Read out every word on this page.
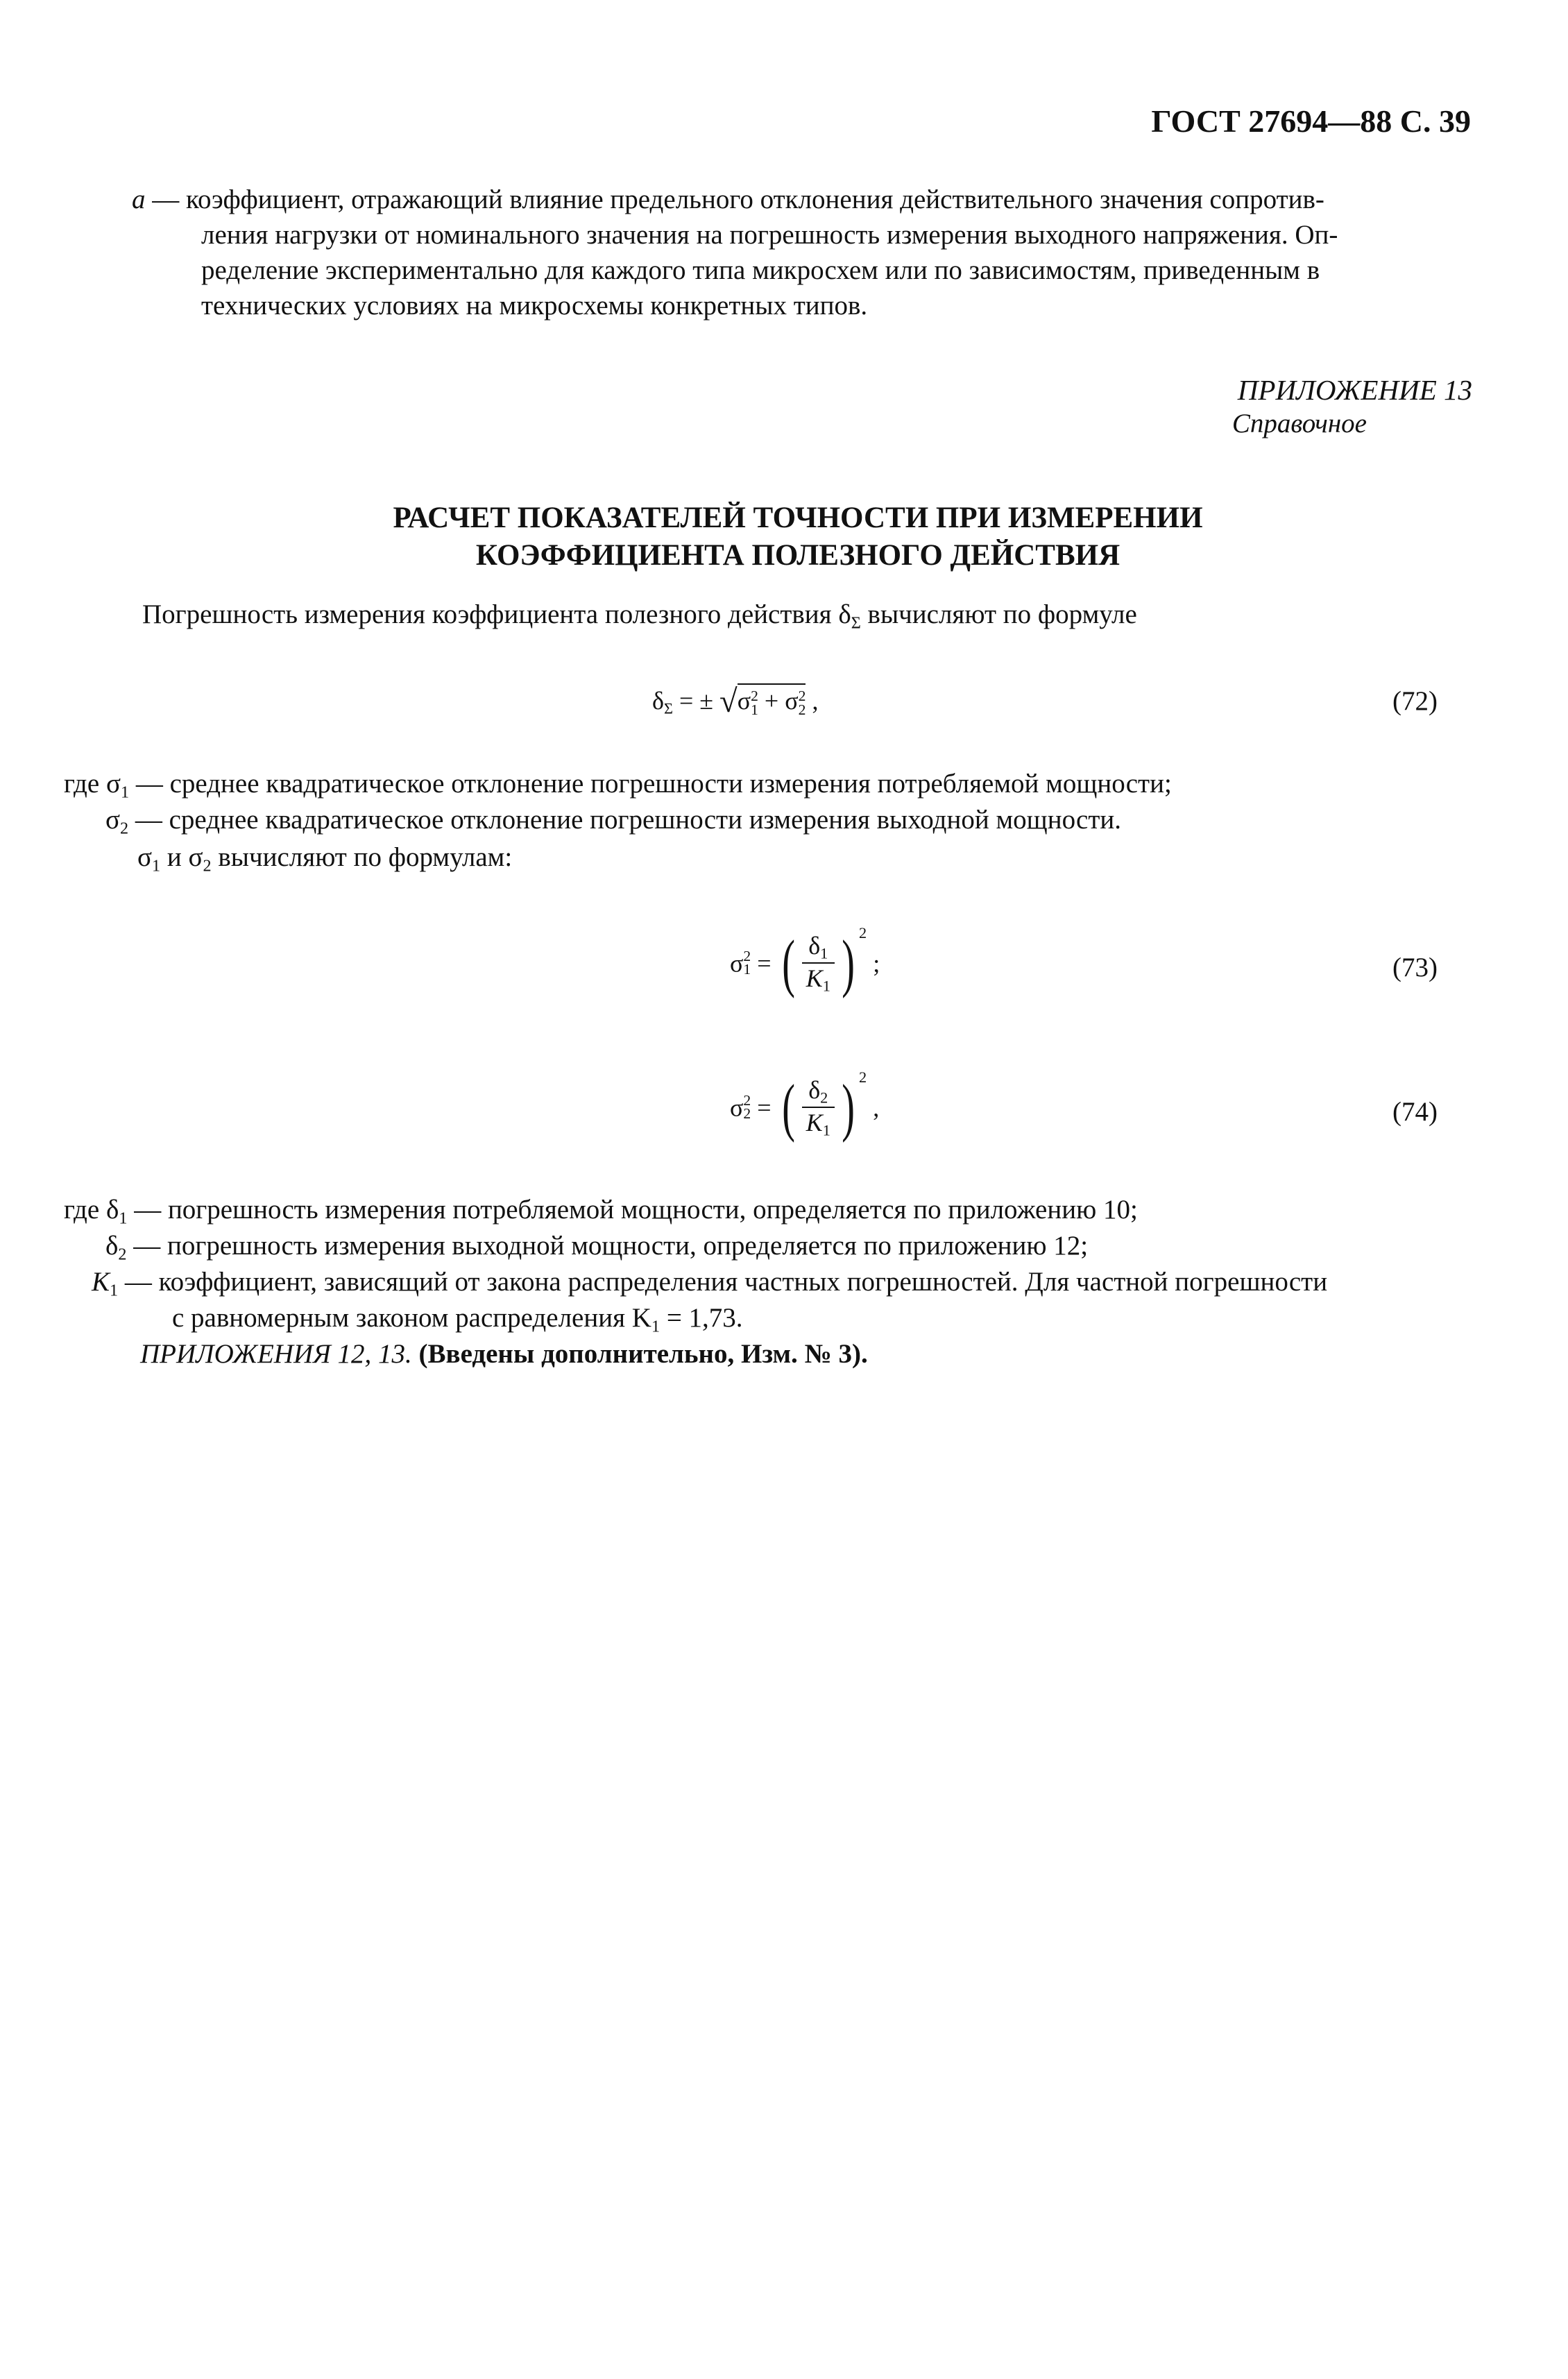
ГОСТ 27694—88 С. 39
a — коэффициент, отражающий влияние предельного отклонения действительного значения сопротив-
ления нагрузки от номинального значения на погрешность измерения выходного напряжения. Оп-
ределение экспериментально для каждого типа микросхем или по зависимостям, приведенным в
технических условиях на микросхемы конкретных типов.
ПРИЛОЖЕНИЕ 13
Справочное
РАСЧЕТ ПОКАЗАТЕЛЕЙ ТОЧНОСТИ ПРИ ИЗМЕРЕНИИ
КОЭФФИЦИЕНТА ПОЛЕЗНОГО ДЕЙСТВИЯ
Погрешность измерения коэффициента полезного действия $\delta_\Sigma$ вычисляют по формуле
$\delta_\Sigma$ = ± √σ 2
1 + σ 2
2 ,	(72)
где $\sigma_1$ — среднее квадратическое отклонение погрешности измерения потребляемой мощности;
$\sigma_2$ — среднее квадратическое отклонение погрешности измерения выходной мощности.
$\sigma_1$ и $\sigma_2$ вычисляют по формулам:
σ 2
1 = ( $\frac{\delta_1}{K_1}$ ) $^2$ ;	(73)
σ 2
2 = ( $\frac{\delta_2}{K_1}$ ) $^2$ ,	(74)
где $\delta_1$ — погрешность измерения потребляемой мощности, определяется по приложению 10;
$\delta_2$ — погрешность измерения выходной мощности, определяется по приложению 12;
$K_1$ — коэффициент, зависящий от закона распределения частных погрешностей. Для частной погрешности
с равномерным законом распределения $K_1 = 1,73$.
ПРИЛОЖЕНИЯ 12, 13. (Введены дополнительно, Изм. № 3).
